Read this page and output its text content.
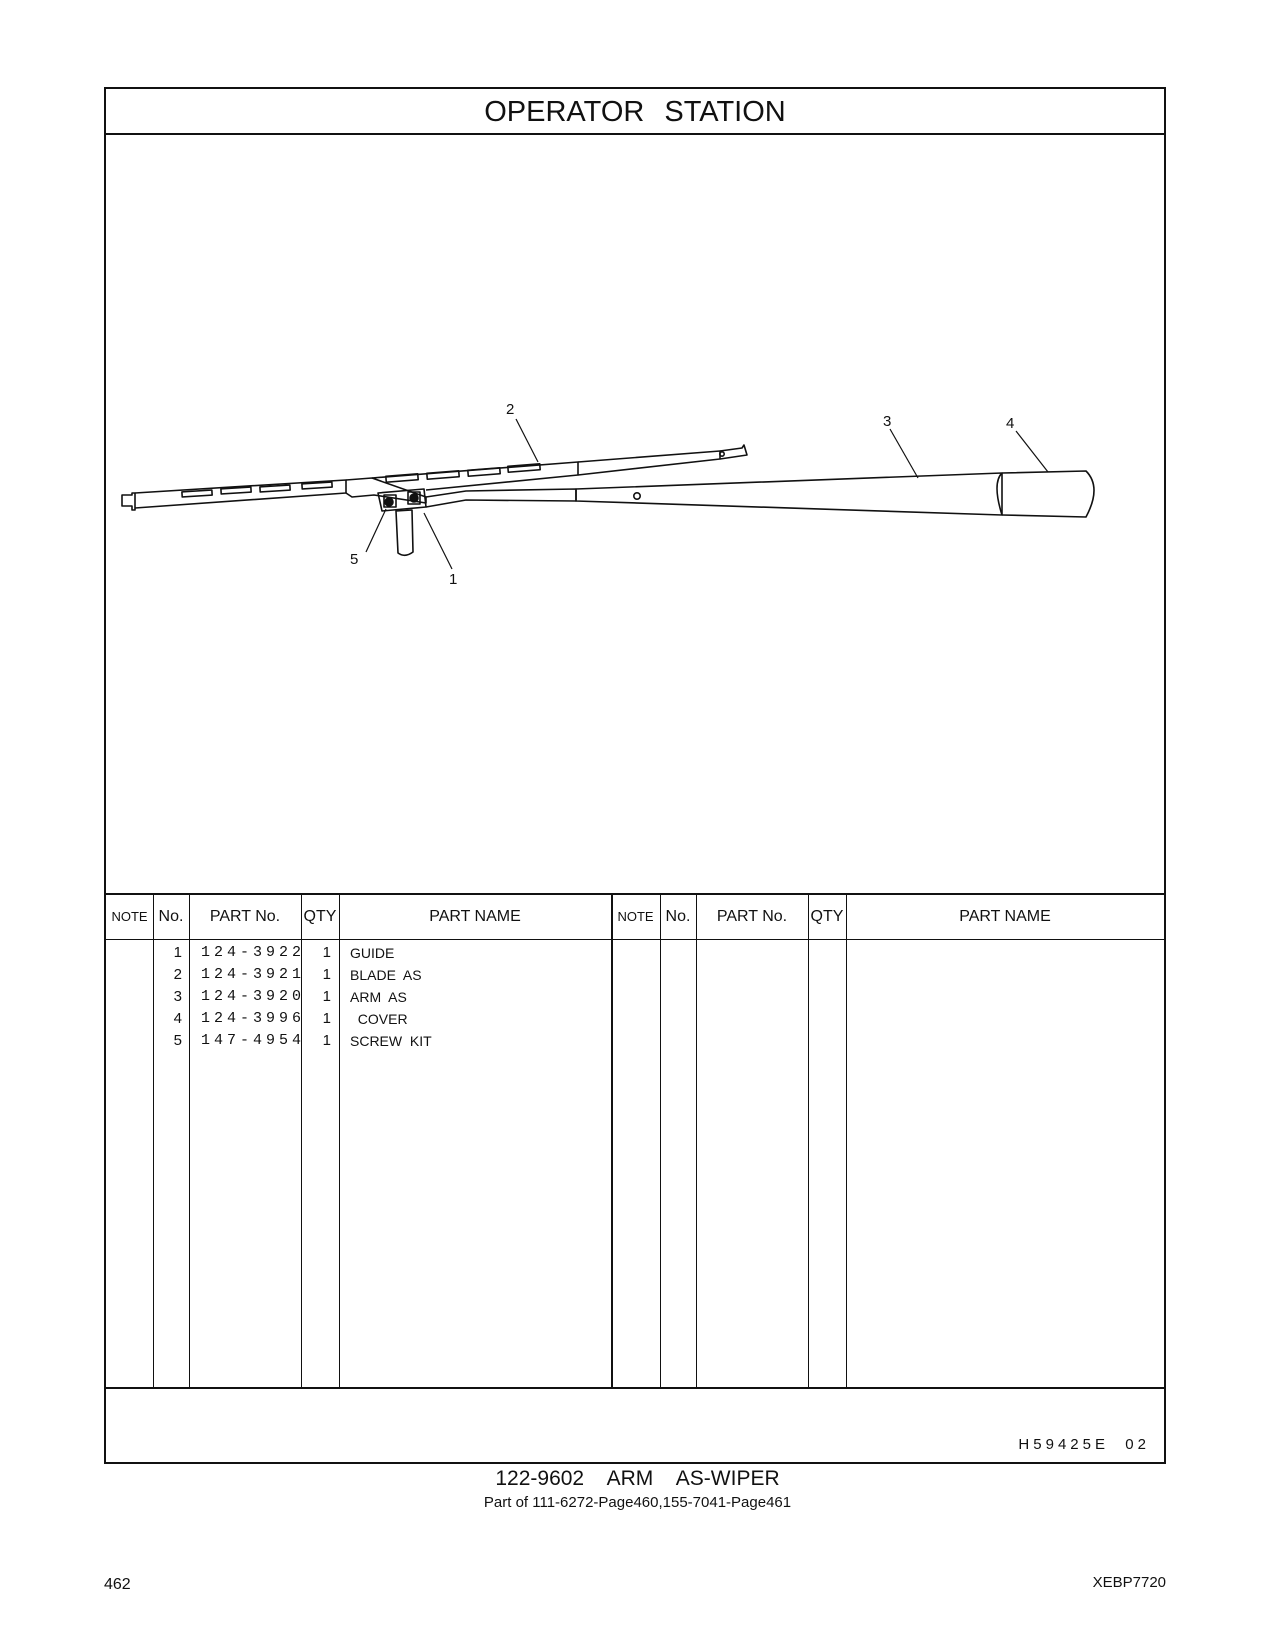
OPERATOR STATION
2
3	4
5
1
NOTE No.	PART No.	QTY	PART NAME	NOTE No.	PART No.	QTY	PART NAME
1 124-3922	1 GUIDE
2 124-3921	1 BLADE  AS
3 124-3920	1 ARM  AS
4 124-3996	1 COVER
5 147-4954	1 SCREW  KIT
H59425E  02
122-9602  ARM  AS-WIPER
Part of 111-6272-Page460,155-7041-Page461
462	XEBP7720
